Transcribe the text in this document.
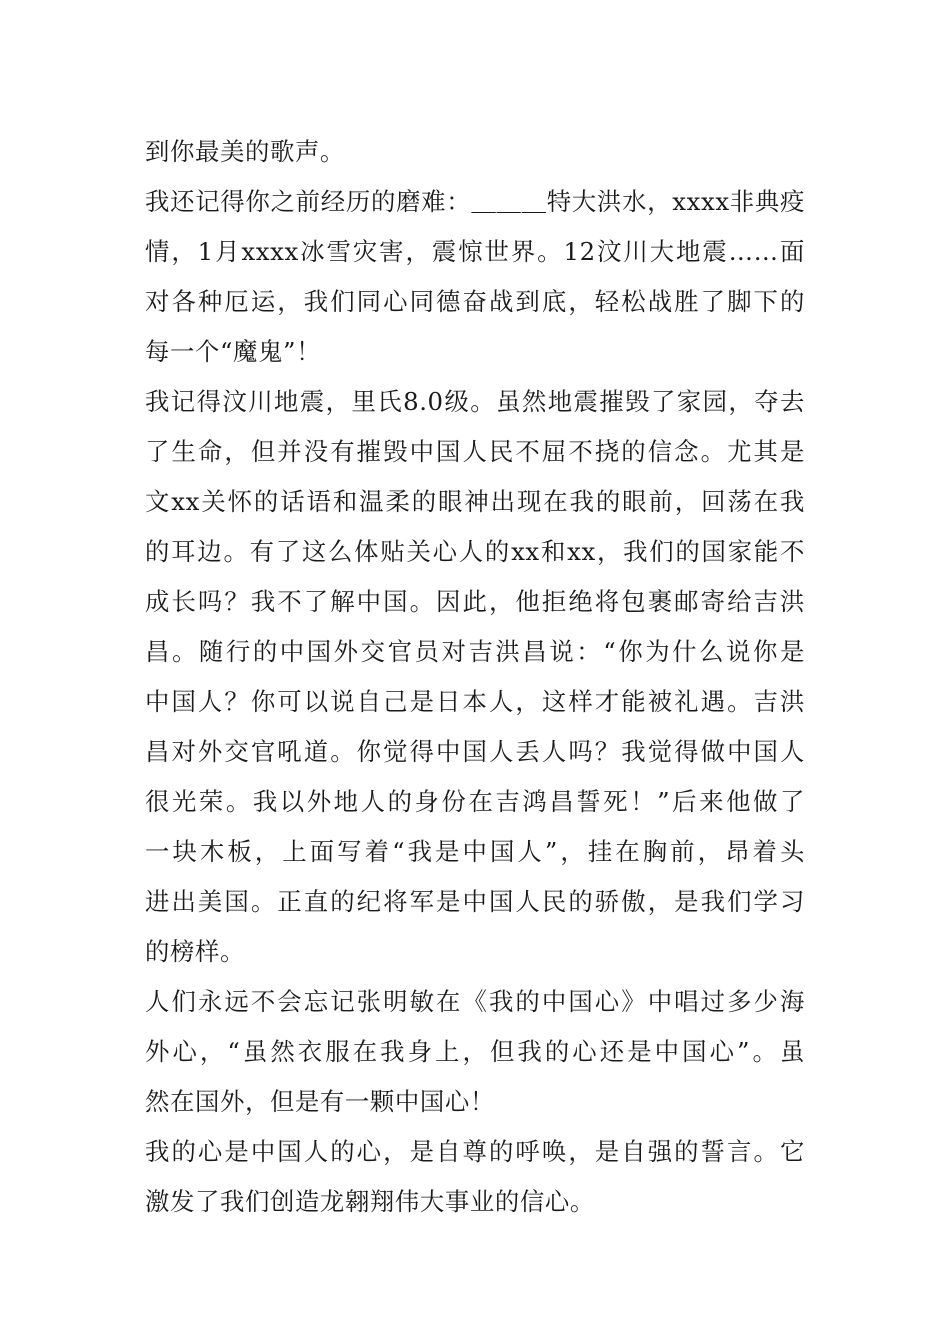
到你最美的歌声。
我还记得你之前经历的磨难：＿＿＿特大洪水，xxxx非典疫
情，1月xxxx冰雪灾害，震惊世界。12汶川大地震……面
对各种厄运，我们同心同德奋战到底，轻松战胜了脚下的
每一个“魔鬼”！
我记得汶川地震，里氏8.0级。虽然地震摧毁了家园，夺去
了生命，但并没有摧毁中国人民不屈不挠的信念。尤其是
文xx关怀的话语和温柔的眼神出现在我的眼前，回荡在我
的耳边。有了这么体贴关心人的xx和xx，我们的国家能不
成长吗？我不了解中国。因此，他拒绝将包裹邮寄给吉洪
昌。随行的中国外交官员对吉洪昌说：“你为什么说你是
中国人？你可以说自己是日本人，这样才能被礼遇。吉洪
昌对外交官吼道。你觉得中国人丢人吗？我觉得做中国人
很光荣。我以外地人的身份在吉鸿昌誓死！”后来他做了
一块木板，上面写着“我是中国人”，挂在胸前，昂着头
进出美国。正直的纪将军是中国人民的骄傲，是我们学习
的榜样。
人们永远不会忘记张明敏在《我的中国心》中唱过多少海
外心，“虽然衣服在我身上，但我的心还是中国心”。虽
然在国外，但是有一颗中国心！
我的心是中国人的心，是自尊的呼唤，是自强的誓言。它
激发了我们创造龙翱翔伟大事业的信心。
